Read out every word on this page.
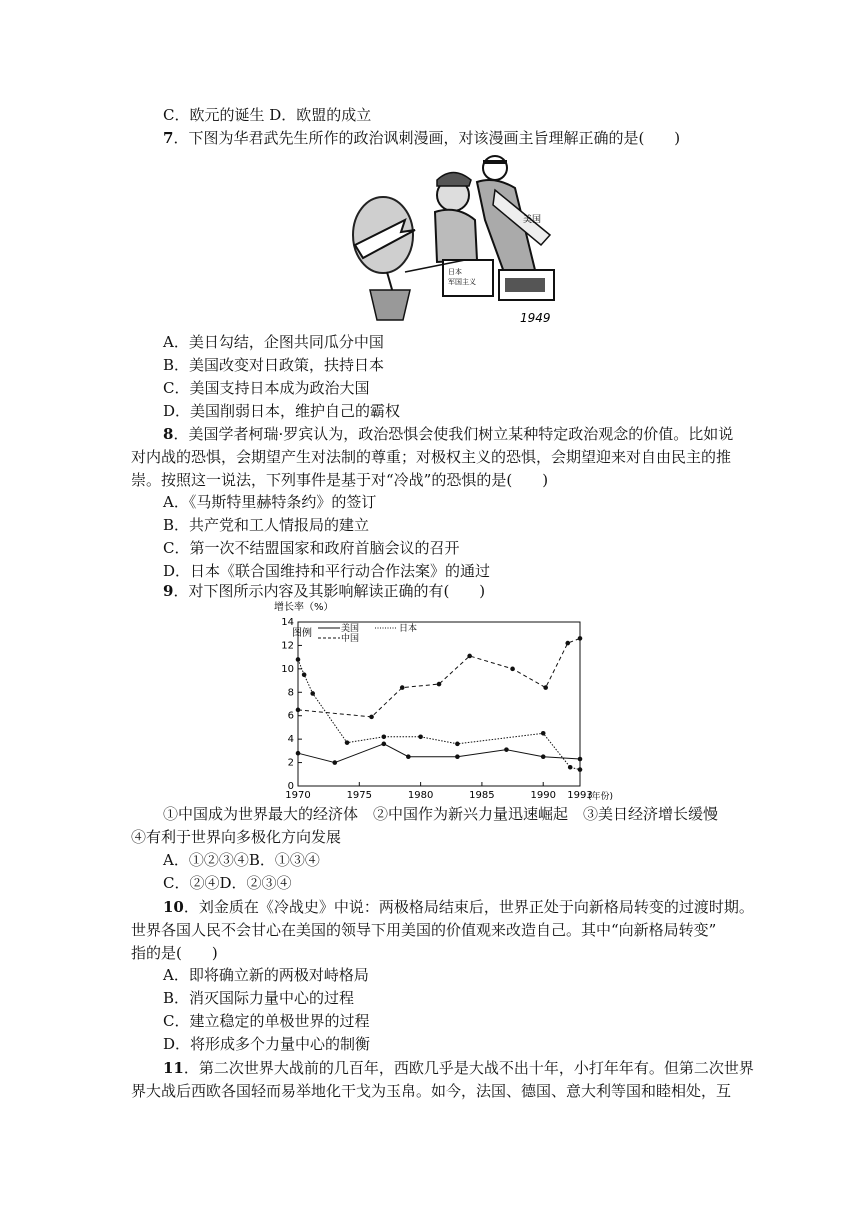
C．欧元的诞生 D．欧盟的成立
7．下图为华君武先生所作的政治讽刺漫画，对该漫画主旨理解正确的是(　　)
日本
军国主义
美国
1949
A．美日勾结，企图共同瓜分中国
B．美国改变对日政策，扶持日本
C．美国支持日本成为政治大国
D．美国削弱日本，维护自己的霸权
8．美国学者柯瑞·罗宾认为，政治恐惧会使我们树立某种特定政治观念的价值。比如说
对内战的恐惧，会期望产生对法制的尊重；对极权主义的恐惧，会期望迎来对自由民主的推
崇。按照这一说法，下列事件是基于对“冷战”的恐惧的是(　　)
A．《马斯特里赫特条约》的签订
B．共产党和工人情报局的建立
C．第一次不结盟国家和政府首脑会议的召开
D．日本《联合国维持和平行动合作法案》的通过
9．对下图所示内容及其影响解读正确的有(　　)
增长率（%）
0
2
4
6
8
10
12
14
1970	1975	1980	1985	1990 1993
图例	美国
中国
日本
(年份)
①中国成为世界最大的经济体　②中国作为新兴力量迅速崛起　③美日经济增长缓慢
④有利于世界向多极化方向发展
A．①②③④B．①③④
C．②④D．②③④
10．刘金质在《冷战史》中说：两极格局结束后，世界正处于向新格局转变的过渡时期。
世界各国人民不会甘心在美国的领导下用美国的价值观来改造自己。其中“向新格局转变”
指的是(　　)
A．即将确立新的两极对峙格局
B．消灭国际力量中心的过程
C．建立稳定的单极世界的过程
D．将形成多个力量中心的制衡
11．第二次世界大战前的几百年，西欧几乎是大战不出十年，小打年年有。但第二次世界
界大战后西欧各国轻而易举地化干戈为玉帛。如今，法国、德国、意大利等国和睦相处，互
